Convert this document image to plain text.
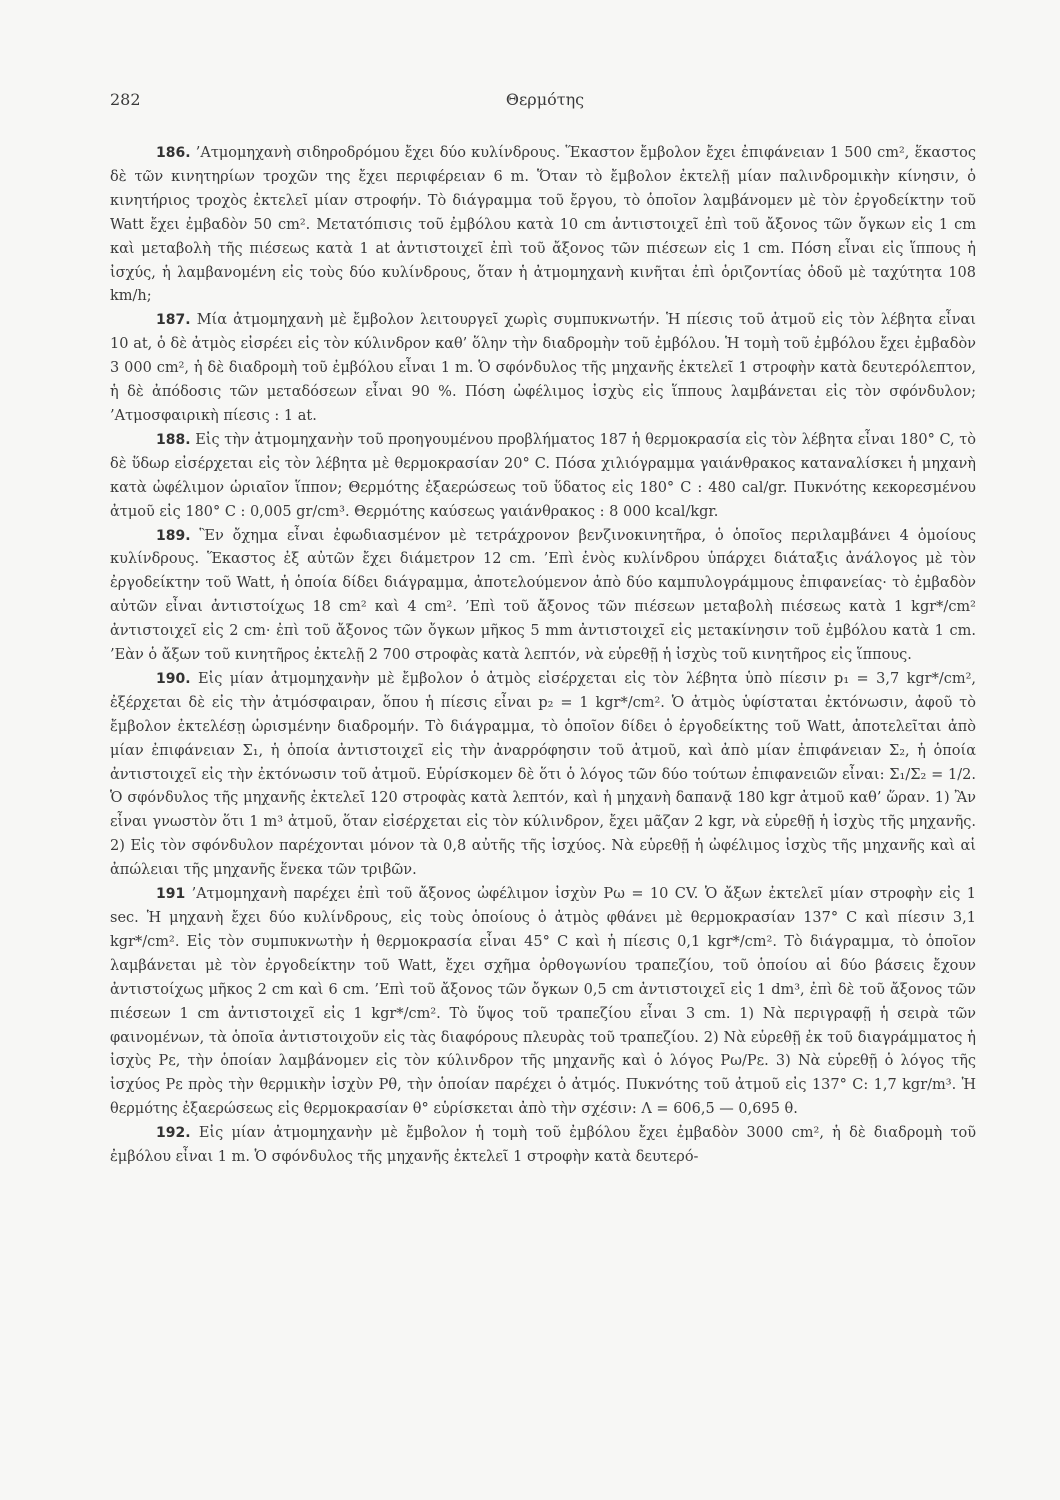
282	Θερμότης

186. ’Ατμομηχανὴ σιδηροδρόμου ἔχει δύο κυλίνδρους. Ἕκαστον ἔμβολον ἔχει ἐπιφάνειαν 1 500 cm², ἕκαστος δὲ τῶν κινητηρίων τροχῶν της ἔχει περιφέρειαν 6 m. Ὅταν τὸ ἔμβολον ἐκτελῇ μίαν παλινδρομικὴν κίνησιν, ὁ κινητήριος τροχὸς ἐκτελεῖ μίαν στροφήν. Τὸ διάγραμμα τοῦ ἔργου, τὸ ὁποῖον λαμβάνομεν μὲ τὸν ἐργοδείκτην τοῦ Watt ἔχει ἐμβαδὸν 50 cm². Μετατόπισις τοῦ ἐμβόλου κατὰ 10 cm ἀντιστοιχεῖ ἐπὶ τοῦ ἄξονος τῶν ὄγκων εἰς 1 cm καὶ μεταβολὴ τῆς πιέσεως κατὰ 1 at ἀντιστοιχεῖ ἐπὶ τοῦ ἄξονος τῶν πιέσεων εἰς 1 cm. Πόση εἶναι εἰς ἵππους ἡ ἰσχύς, ἡ λαμβανομένη εἰς τοὺς δύο κυλίνδρους, ὅταν ἡ ἀτμομηχανὴ κινῆται ἐπὶ ὁριζοντίας ὁδοῦ μὲ ταχύτητα 108 km/h;

187. Μία ἀτμομηχανὴ μὲ ἔμβολον λειτουργεῖ χωρὶς συμπυκνωτήν. Ἡ πίεσις τοῦ ἀτμοῦ εἰς τὸν λέβητα εἶναι 10 at, ὁ δὲ ἀτμὸς εἰσρέει εἰς τὸν κύλινδρον καθ’ ὅλην τὴν διαδρομὴν τοῦ ἐμβόλου. Ἡ τομὴ τοῦ ἐμβόλου ἔχει ἐμβαδὸν 3 000 cm², ἡ δὲ διαδρομὴ τοῦ ἐμβόλου εἶναι 1 m. Ὁ σφόνδυλος τῆς μηχανῆς ἐκτελεῖ 1 στροφὴν κατὰ δευτερόλεπτον, ἡ δὲ ἀπόδοσις τῶν μεταδόσεων εἶναι 90 %. Πόση ὠφέλιμος ἰσχὺς εἰς ἵππους λαμβάνεται εἰς τὸν σφόνδυλον; ’Ατμοσφαιρικὴ πίεσις : 1 at.

188. Εἰς τὴν ἀτμομηχανὴν τοῦ προηγουμένου προβλήματος 187 ἡ θερμοκρασία εἰς τὸν λέβητα εἶναι 180° C, τὸ δὲ ὕδωρ εἰσέρχεται εἰς τὸν λέβητα μὲ θερμοκρασίαν 20° C. Πόσα χιλιόγραμμα γαιάνθρακος καταναλίσκει ἡ μηχανὴ κατὰ ὠφέλιμον ὡριαῖον ἵππον; Θερμότης ἐξαερώσεως τοῦ ὕδατος εἰς 180° C : 480 cal/gr. Πυκνότης κεκορεσμένου ἀτμοῦ εἰς 180° C : 0,005 gr/cm³. Θερμότης καύσεως γαιάνθρακος : 8 000 kcal/kgr.

189. Ἓν ὄχημα εἶναι ἐφωδιασμένον μὲ τετράχρονον βενζινοκινητῆρα, ὁ ὁποῖος περιλαμβάνει 4 ὁμοίους κυλίνδρους. Ἕκαστος ἐξ αὐτῶν ἔχει διάμετρον 12 cm. ’Επὶ ἑνὸς κυλίνδρου ὑπάρχει διάταξις ἀνάλογος μὲ τὸν ἐργοδείκτην τοῦ Watt, ἡ ὁποία δίδει διάγραμμα, ἀποτελούμενον ἀπὸ δύο καμπυλογράμμους ἐπιφανείας· τὸ ἐμβαδὸν αὐτῶν εἶναι ἀντιστοίχως 18 cm² καὶ 4 cm². ’Επὶ τοῦ ἄξονος τῶν πιέσεων μεταβολὴ πιέσεως κατὰ 1 kgr*/cm² ἀντιστοιχεῖ εἰς 2 cm· ἐπὶ τοῦ ἄξονος τῶν ὄγκων μῆκος 5 mm ἀντιστοιχεῖ εἰς μετακίνησιν τοῦ ἐμβόλου κατὰ 1 cm. ’Εὰν ὁ ἄξων τοῦ κινητῆρος ἐκτελῇ 2 700 στροφὰς κατὰ λεπτόν, νὰ εὑρεθῇ ἡ ἰσχὺς τοῦ κινητῆρος εἰς ἵππους.

190. Εἰς μίαν ἀτμομηχανὴν μὲ ἔμβολον ὁ ἀτμὸς εἰσέρχεται εἰς τὸν λέβητα ὑπὸ πίεσιν p₁ = 3,7 kgr*/cm², ἐξέρχεται δὲ εἰς τὴν ἀτμόσφαιραν, ὅπου ἡ πίεσις εἶναι p₂ = 1 kgr*/cm². Ὁ ἀτμὸς ὑφίσταται ἐκτόνωσιν, ἀφοῦ τὸ ἔμβολον ἐκτελέσῃ ὡρισμένην διαδρομήν. Τὸ διάγραμμα, τὸ ὁποῖον δίδει ὁ ἐργοδείκτης τοῦ Watt, ἀποτελεῖται ἀπὸ μίαν ἐπιφάνειαν Σ₁, ἡ ὁποία ἀντιστοιχεῖ εἰς τὴν ἀναρρόφησιν τοῦ ἀτμοῦ, καὶ ἀπὸ μίαν ἐπιφάνειαν Σ₂, ἡ ὁποία ἀντιστοιχεῖ εἰς τὴν ἐκτόνωσιν τοῦ ἀτμοῦ. Εὑρίσκομεν δὲ ὅτι ὁ λόγος τῶν δύο τούτων ἐπιφανειῶν εἶναι: Σ₁/Σ₂ = 1/2. Ὁ σφόνδυλος τῆς μηχανῆς ἐκτελεῖ 120 στροφὰς κατὰ λεπτόν, καὶ ἡ μηχανὴ δαπανᾷ 180 kgr ἀτμοῦ καθ’ ὥραν. 1) Ἂν εἶναι γνωστὸν ὅτι 1 m³ ἀτμοῦ, ὅταν εἰσέρχεται εἰς τὸν κύλινδρον, ἔχει μᾶζαν 2 kgr, νὰ εὑρεθῇ ἡ ἰσχὺς τῆς μηχανῆς. 2) Εἰς τὸν σφόνδυλον παρέχονται μόνον τὰ 0,8 αὐτῆς τῆς ἰσχύος. Νὰ εὑρεθῇ ἡ ὠφέλιμος ἰσχὺς τῆς μηχανῆς καὶ αἱ ἀπώλειαι τῆς μηχανῆς ἕνεκα τῶν τριβῶν.

191 ’Ατμομηχανὴ παρέχει ἐπὶ τοῦ ἄξονος ὠφέλιμον ἰσχὺν Pω = 10 CV. Ὁ ἄξων ἐκτελεῖ μίαν στροφὴν εἰς 1 sec. Ἡ μηχανὴ ἔχει δύο κυλίνδρους, εἰς τοὺς ὁποίους ὁ ἀτμὸς φθάνει μὲ θερμοκρασίαν 137° C καὶ πίεσιν 3,1 kgr*/cm². Εἰς τὸν συμπυκνωτὴν ἡ θερμοκρασία εἶναι 45° C καὶ ἡ πίεσις 0,1 kgr*/cm². Τὸ διάγραμμα, τὸ ὁποῖον λαμβάνεται μὲ τὸν ἐργοδείκτην τοῦ Watt, ἔχει σχῆμα ὀρθογωνίου τραπεζίου, τοῦ ὁποίου αἱ δύο βάσεις ἔχουν ἀντιστοίχως μῆκος 2 cm καὶ 6 cm. ’Επὶ τοῦ ἄξονος τῶν ὄγκων 0,5 cm ἀντιστοιχεῖ εἰς 1 dm³, ἐπὶ δὲ τοῦ ἄξονος τῶν πιέσεων 1 cm ἀντιστοιχεῖ εἰς 1 kgr*/cm². Τὸ ὕψος τοῦ τραπεζίου εἶναι 3 cm. 1) Νὰ περιγραφῇ ἡ σειρὰ τῶν φαινομένων, τὰ ὁποῖα ἀντιστοιχοῦν εἰς τὰς διαφόρους πλευρὰς τοῦ τραπεζίου. 2) Νὰ εὑρεθῇ ἐκ τοῦ διαγράμματος ἡ ἰσχὺς Pε, τὴν ὁποίαν λαμβάνομεν εἰς τὸν κύλινδρον τῆς μηχανῆς καὶ ὁ λόγος Pω/Pε. 3) Νὰ εὑρεθῇ ὁ λόγος τῆς ἰσχύος Pε πρὸς τὴν θερμικὴν ἰσχὺν Pθ, τὴν ὁποίαν παρέχει ὁ ἀτμός. Πυκνότης τοῦ ἀτμοῦ εἰς 137° C: 1,7 kgr/m³. Ἡ θερμότης ἐξαερώσεως εἰς θερμοκρασίαν θ° εὑρίσκεται ἀπὸ τὴν σχέσιν: Λ = 606,5 — 0,695 θ.

192. Εἰς μίαν ἀτμομηχανὴν μὲ ἔμβολον ἡ τομὴ τοῦ ἐμβόλου ἔχει ἐμβαδὸν 3000 cm², ἡ δὲ διαδρομὴ τοῦ ἐμβόλου εἶναι 1 m. Ὁ σφόνδυλος τῆς μηχανῆς ἐκτελεῖ 1 στροφὴν κατὰ δευτερό-
